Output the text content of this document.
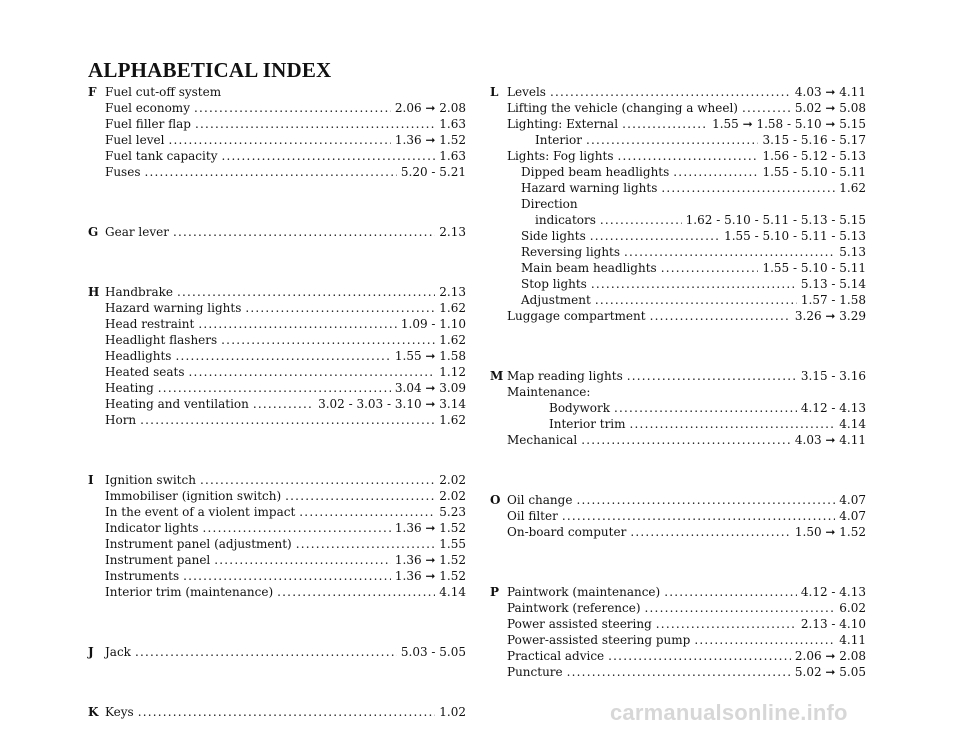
ALPHABETICAL INDEX
F Fuel cut-off system
Fuel economy .....	2.06 ➞ 2.08
Fuel filler flap .....	1.63
Fuel level .....	1.36 ➞ 1.52
Fuel tank capacity .....	1.63
Fuses .....	5.20 - 5.21
G Gear lever .....	2.13
H Handbrake .....	2.13
Hazard warning lights .....	1.62
Head restraint .....	1.09 - 1.10
Headlight flashers .....	1.62
Headlights .....	1.55 ➞ 1.58
Heated seats .....	1.12
Heating .....	3.04 ➞ 3.09
Heating and ventilation .....	3.02 - 3.03 - 3.10 ➞ 3.14
Horn .....	1.62
I Ignition switch .....	2.02
Immobiliser (ignition switch) .....	2.02
In the event of a violent impact .....	5.23
Indicator lights .....	1.36 ➞ 1.52
Instrument panel (adjustment) .....	1.55
Instrument panel .....	1.36 ➞ 1.52
Instruments .....	1.36 ➞ 1.52
Interior trim (maintenance) .....	4.14
J Jack .....	5.03 - 5.05
K Keys .....	1.02
L Levels .....	4.03 ➞ 4.11
Lifting the vehicle (changing a wheel) .....	5.02 ➞ 5.08
Lighting: External .....	1.55 ➞ 1.58 - 5.10 ➞ 5.15
Interior .....	3.15 - 5.16 - 5.17
Lights: Fog lights .....	1.56 - 5.12 - 5.13
Dipped beam headlights .....	1.55 - 5.10 - 5.11
Hazard warning lights .....	1.62
Direction
indicators .....	1.62 - 5.10 - 5.11 - 5.13 - 5.15
Side lights .....	1.55 - 5.10 - 5.11 - 5.13
Reversing lights .....	5.13
Main beam headlights .....	1.55 - 5.10 - 5.11
Stop lights .....	5.13 - 5.14
Adjustment .....	1.57 - 1.58
Luggage compartment .....	3.26 ➞ 3.29
M Map reading lights .....	3.15 - 3.16
Maintenance:
Bodywork .....	4.12 - 4.13
Interior trim .....	4.14
Mechanical .....	4.03 ➞ 4.11
O Oil change .....	4.07
Oil filter .....	4.07
On-board computer .....	1.50 ➞ 1.52
P Paintwork (maintenance) .....	4.12 - 4.13
Paintwork (reference) .....	6.02
Power assisted steering .....	2.13 - 4.10
Power-assisted steering pump .....	4.11
Practical advice .....	2.06 ➞ 2.08
Puncture .....	5.02 ➞ 5.05
carmanualsonline.info
